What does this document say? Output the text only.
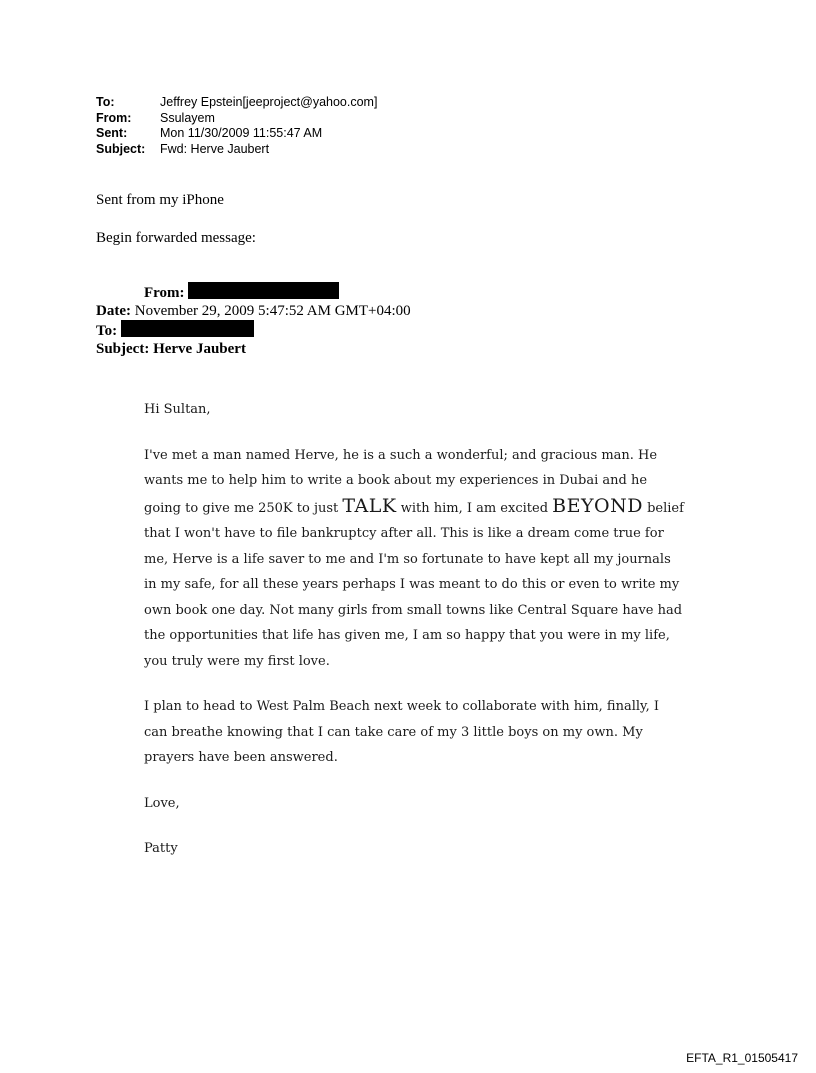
To:	Jeffrey Epstein[jeeproject@yahoo.com]
From:	Ssulayem
Sent:	Mon 11/30/2009 11:55:47 AM
Subject:	Fwd: Herve Jaubert
Sent from my iPhone
Begin forwarded message:
From:
Date: November 29, 2009 5:47:52 AM GMT+04:00
To:
Subject: Herve Jaubert

Hi Sultan,

I've met a man named Herve, he is a such a wonderful; and gracious man. He wants me to help him to write a book about my experiences in Dubai and he going to give me 250K to just TALK with him, I am excited BEYOND belief that I won't have to file bankruptcy after all. This is like a dream come true for me, Herve is a life saver to me and I'm so fortunate to have kept all my journals in my safe, for all these years perhaps I was meant to do this or even to write my own book one day. Not many girls from small towns like Central Square have had the opportunities that life has given me, I am so happy that you were in my life, you truly were my first love.

I plan to head to West Palm Beach next week to collaborate with him, finally, I can breathe knowing that I can take care of my 3 little boys on my own. My prayers have been answered.

Love,

Patty

EFTA_R1_01505417
